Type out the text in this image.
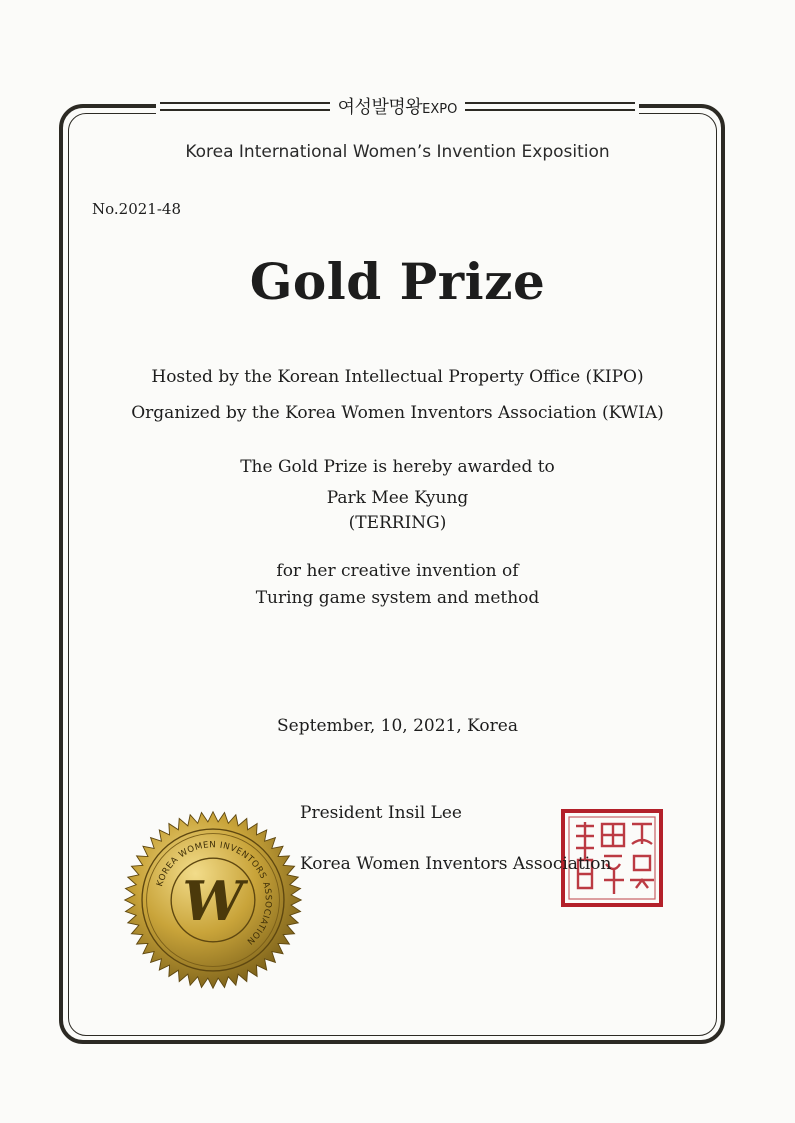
여성발명왕EXPO
Korea International Women’s Invention Exposition
No.2021-48
Gold Prize
Hosted by the Korean Intellectual Property Office (KIPO)
Organized by the Korea Women Inventors Association (KWIA)
The Gold Prize is hereby awarded to
Park Mee Kyung
(TERRING)
for her creative invention of
Turing game system and method
September, 10, 2021, Korea
President Insil Lee
Korea Women Inventors Association
KOREA WOMEN INVENTORS ASSOCIATION
W
